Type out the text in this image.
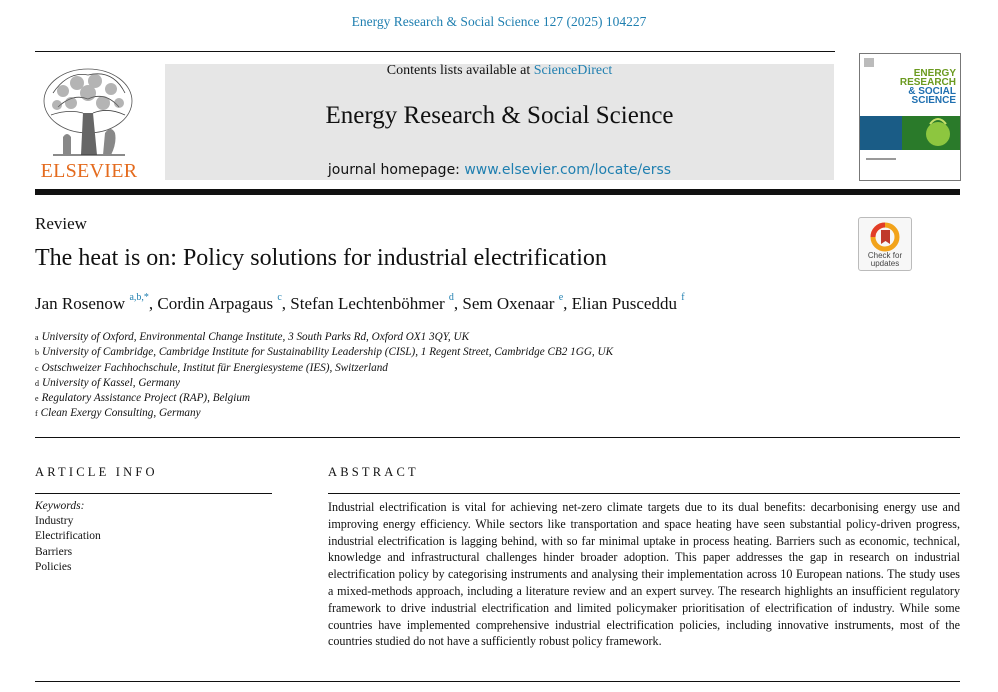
Energy Research & Social Science 127 (2025) 104227
ELSEVIER
Contents lists available at ScienceDirect
Energy Research & Social Science
journal homepage: www.elsevier.com/locate/erss
ENERGY
RESEARCH
& SOCIAL
SCIENCE
Review
The heat is on: Policy solutions for industrial electrification	Check for
updates
Jan Rosenow $^{a,b,*}$, Cordin Arpagaus $^c$, Stefan Lechtenböhmer $^d$, Sem Oxenaar $^e$, Elian Pusceddu $^f$
$^a$ University of Oxford, Environmental Change Institute, 3 South Parks Rd, Oxford OX1 3QY, UK
$^b$ University of Cambridge, Cambridge Institute for Sustainability Leadership (CISL), 1 Regent Street, Cambridge CB2 1GG, UK
$^c$ Ostschweizer Fachhochschule, Institut für Energiesysteme (IES), Switzerland
$^d$ University of Kassel, Germany
$^e$ Regulatory Assistance Project (RAP), Belgium
$^f$ Clean Exergy Consulting, Germany
ARTICLE INFO
Keywords:
Industry
Electrification
Barriers
Policies
ABSTRACT
Industrial electrification is vital for achieving net-zero climate targets due to its dual benefits: decarbonising energy use and improving energy efficiency. While sectors like transportation and space heating have seen substantial policy-driven progress, industrial electrification is lagging behind, with so far minimal uptake in process heating. Barriers such as economic, technical, knowledge and infrastructural challenges hinder broader adoption. This paper addresses the gap in research on industrial electrification policy by categorising instruments and analysing their implementation across 10 European nations. The study uses a mixed-methods approach, including a literature review and an expert survey. The research highlights an insufficient regulatory framework to drive industrial electrification and limited policymaker prioritisation of electrification of industry. While some countries have implemented comprehensive industrial electrification policies, including innovative instruments, most of the countries studied do not have a sufficiently robust policy framework.
